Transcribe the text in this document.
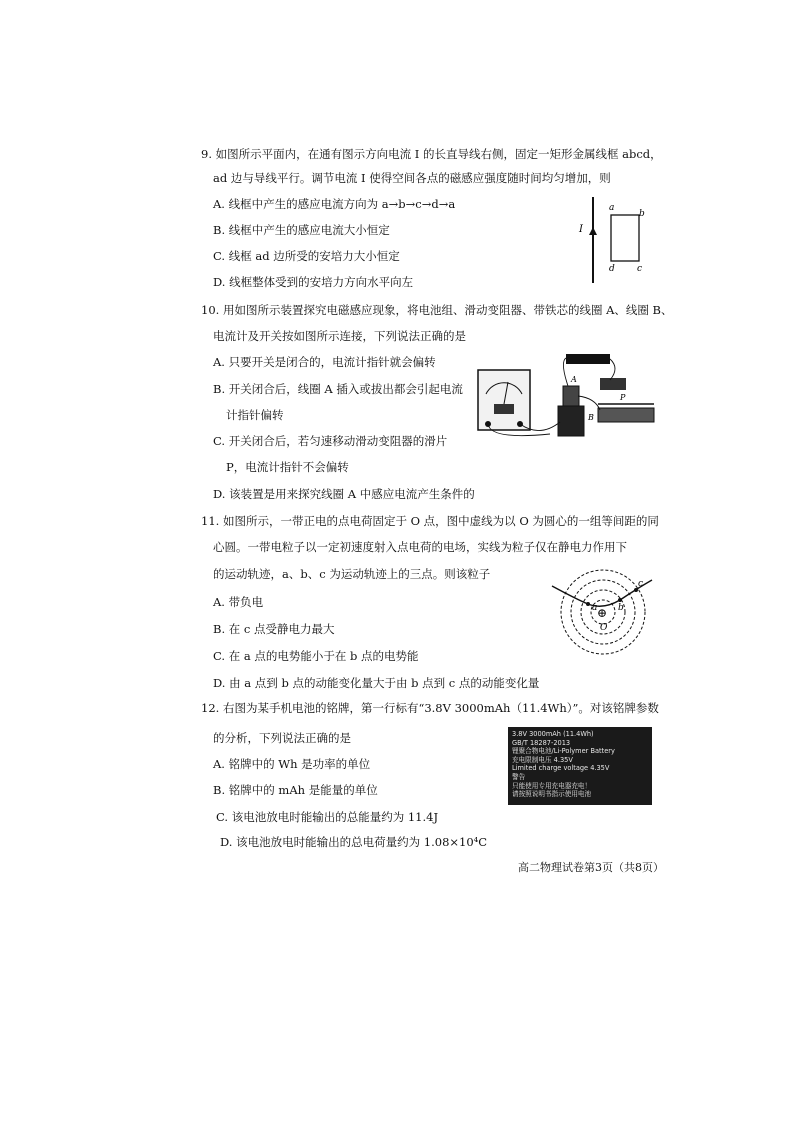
9. 如图所示平面内，在通有图示方向电流 I 的长直导线右侧，固定一矩形金属线框 abcd，
ad 边与导线平行。调节电流 I 使得空间各点的磁感应强度随时间均匀增加，则
A. 线框中产生的感应电流方向为 a→b→c→d→a
B. 线框中产生的感应电流大小恒定
C. 线框 ad 边所受的安培力大小恒定
D. 线框整体受到的安培力方向水平向左
I
a
b
c
d
10. 用如图所示装置探究电磁感应现象，将电池组、滑动变阻器、带铁芯的线圈 A、线圈 B、
电流计及开关按如图所示连接，下列说法正确的是
A. 只要开关是闭合的，电流计指针就会偏转
B. 开关闭合后，线圈 A 插入或拔出都会引起电流
计指针偏转
C. 开关闭合后，若匀速移动滑动变阻器的滑片
P，电流计指针不会偏转
D. 该装置是用来探究线圈 A 中感应电流产生条件的
A
B
P
11. 如图所示，一带正电的点电荷固定于 O 点，图中虚线为以 O 为圆心的一组等间距的同
心圆。一带电粒子以一定初速度射入点电荷的电场，实线为粒子仅在静电力作用下
的运动轨迹，a、b、c 为运动轨迹上的三点。则该粒子
A. 带负电
B. 在 c 点受静电力最大
C. 在 a 点的电势能小于在 b 点的电势能
D. 由 a 点到 b 点的动能变化量大于由 b 点到 c 点的动能变化量
⊕
O
a b
c
12. 右图为某手机电池的铭牌，第一行标有“3.8V 3000mAh（11.4Wh）”。对该铭牌参数
的分析，下列说法正确的是
A. 铭牌中的 Wh 是功率的单位
B. 铭牌中的 mAh 是能量的单位
C. 该电池放电时能输出的总能量约为 11.4J
D. 该电池放电时能输出的总电荷量约为 1.08×10⁴C
3.8V 3000mAh (11.4Wh)
GB/T 18287-2013
锂聚合物电池/Li-Polymer Battery
充电限制电压 4.35V
Limited charge voltage 4.35V
警告
只能使用专用充电器充电！
请按照说明书指示使用电池
高二物理试卷第3页（共8页）
